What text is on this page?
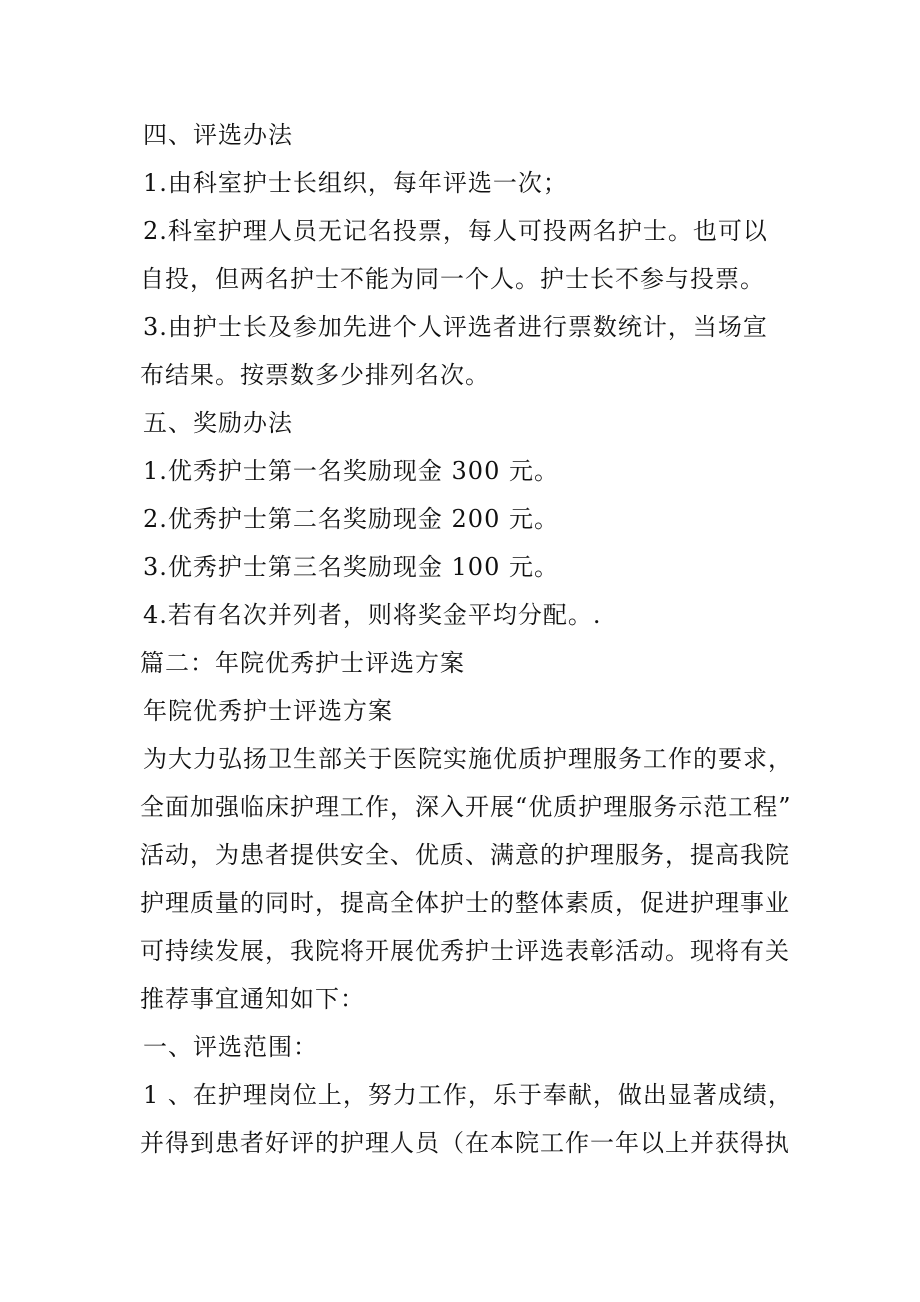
四、评选办法
1.由科室护士长组织，每年评选一次；
2.科室护理人员无记名投票，每人可投两名护士。也可以
自投，但两名护士不能为同一个人。护士长不参与投票。
3.由护士长及参加先进个人评选者进行票数统计，当场宣
布结果。按票数多少排列名次。
五、奖励办法
1.优秀护士第一名奖励现金 300 元。
2.优秀护士第二名奖励现金 200 元。
3.优秀护士第三名奖励现金 100 元。
4.若有名次并列者，则将奖金平均分配。.
篇二：年院优秀护士评选方案
年院优秀护士评选方案
为大力弘扬卫生部关于医院实施优质护理服务工作的要求，
全面加强临床护理工作，深入开展“优质护理服务示范工程”
活动，为患者提供安全、优质、满意的护理服务，提高我院
护理质量的同时，提高全体护士的整体素质，促进护理事业
可持续发展，我院将开展优秀护士评选表彰活动。现将有关
推荐事宜通知如下：
一、评选范围：
1 、在护理岗位上，努力工作，乐于奉献，做出显著成绩，
并得到患者好评的护理人员（在本院工作一年以上并获得执
